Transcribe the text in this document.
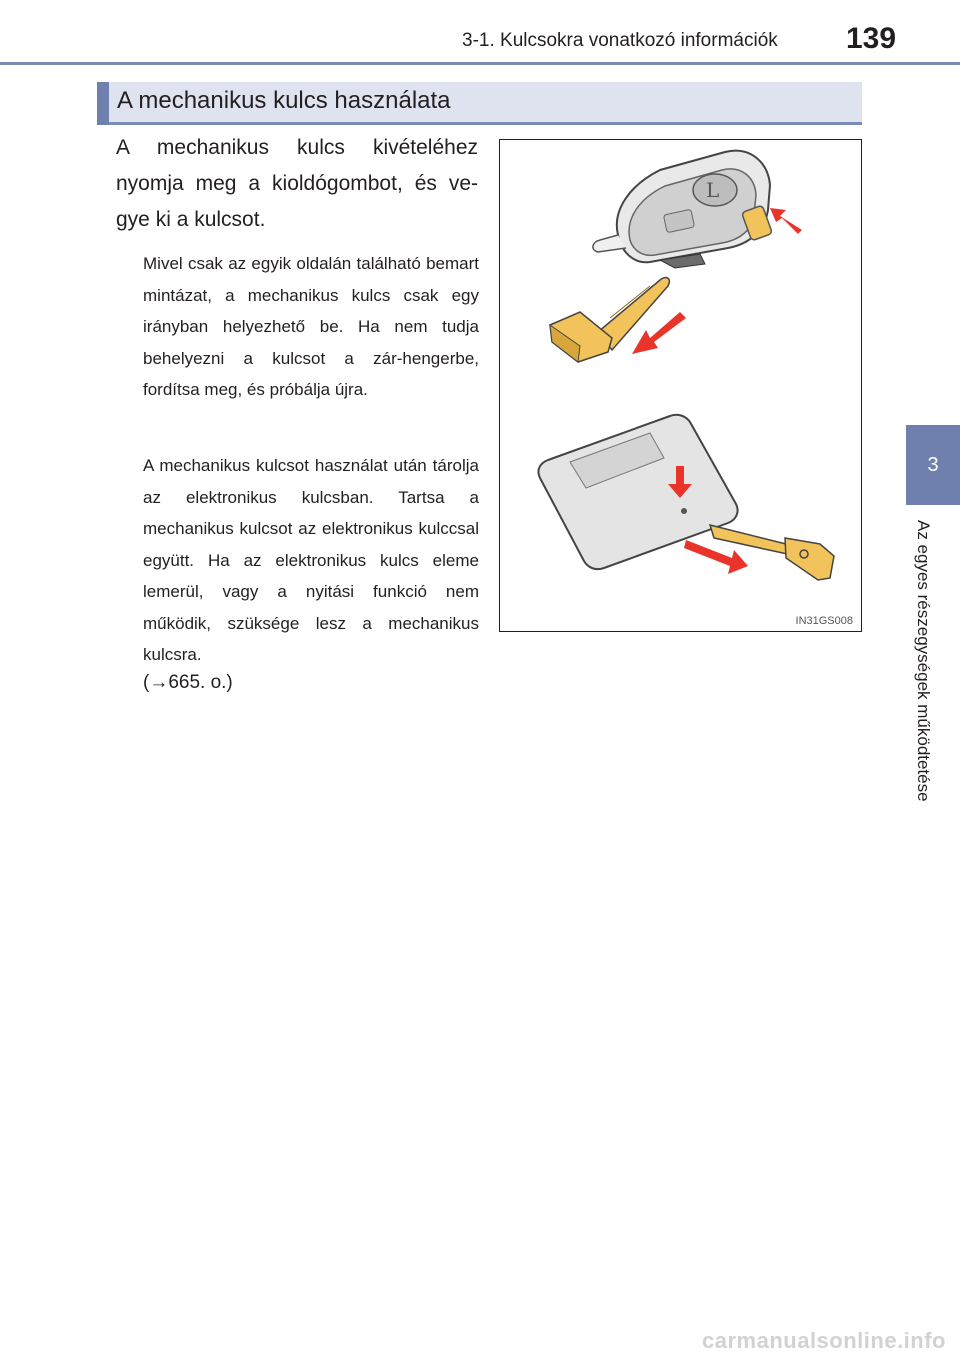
3-1. Kulcsokra vonatkozó információk	139
3
Az egyes részegységek működtetése
A mechanikus kulcs használata
A mechanikus kulcs kivételéhez nyomja meg a kioldógombot, és ve-gye ki a kulcsot.
Mivel csak az egyik oldalán található bemart mintázat, a mechanikus kulcs csak egy irányban helyezhető be. Ha nem tudja behelyezni a kulcsot a zár-hengerbe, fordítsa meg, és próbálja újra.
A mechanikus kulcsot használat után tárolja az elektronikus kulcsban. Tartsa a mechanikus kulcsot az elektronikus kulccsal együtt. Ha az elektronikus kulcs eleme lemerül, vagy a nyitási funkció nem működik, szüksége lesz a mechanikus kulcsra.
(→665. o.)
L
IN31GS008
carmanualsonline.info
